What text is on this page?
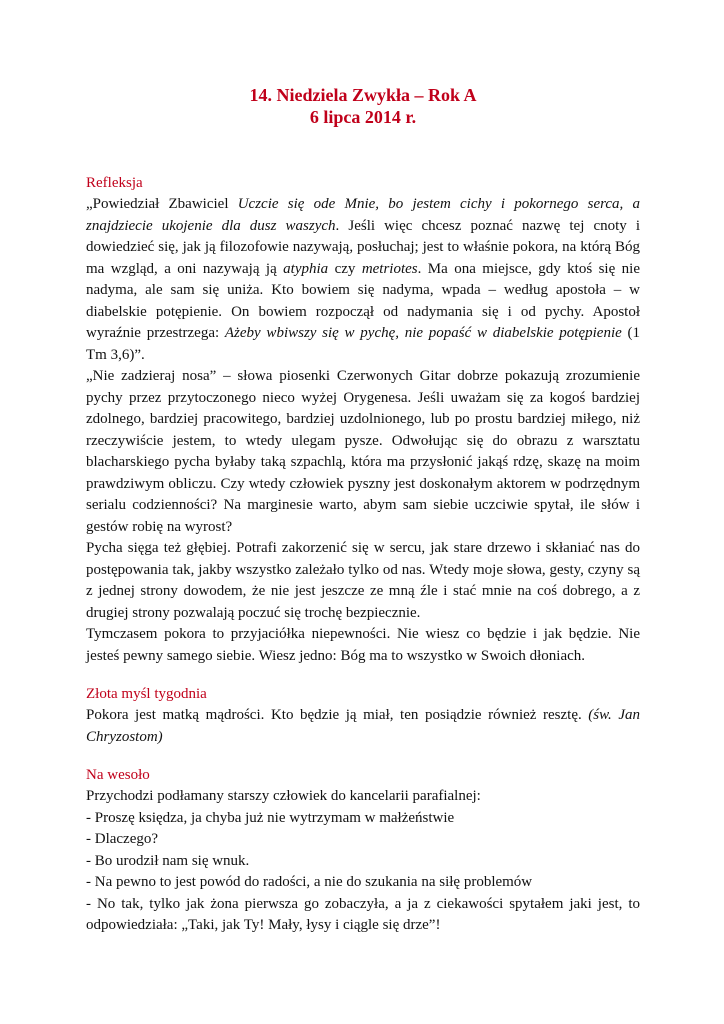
14. Niedziela Zwykła – Rok A
6 lipca 2014 r.
Refleksja

„Powiedział Zbawiciel Uczcie się ode Mnie, bo jestem cichy i pokornego serca, a znajdziecie ukojenie dla dusz waszych. Jeśli więc chcesz poznać nazwę tej cnoty i dowiedzieć się, jak ją filozofowie nazywają, posłuchaj; jest to właśnie pokora, na którą Bóg ma wzgląd, a oni nazywają ją atyphia czy metriotes. Ma ona miejsce, gdy ktoś się nie nadyma, ale sam się uniża. Kto bowiem się nadyma, wpada – według apostoła – w diabelskie potępienie. On bowiem rozpoczął od nadymania się i od pychy. Apostoł wyraźnie przestrzega: Ażeby wbiwszy się w pychę, nie popaść w diabelskie potępienie (1 Tm 3,6)”.

„Nie zadzieraj nosa” – słowa piosenki Czerwonych Gitar dobrze pokazują zrozumienie pychy przez przytoczonego nieco wyżej Orygenesa. Jeśli uważam się za kogoś bardziej zdolnego, bardziej pracowitego, bardziej uzdolnionego, lub po prostu bardziej miłego, niż rzeczywiście jestem, to wtedy ulegam pysze. Odwołując się do obrazu z warsztatu blacharskiego pycha byłaby taką szpachlą, która ma przysłonić jakąś rdzę, skazę na moim prawdziwym obliczu. Czy wtedy człowiek pyszny jest doskonałym aktorem w podrzędnym serialu codzienności? Na marginesie warto, abym sam siebie uczciwie spytał, ile słów i gestów robię na wyrost?

Pycha sięga też głębiej. Potrafi zakorzenić się w sercu, jak stare drzewo i skłaniać nas do postępowania tak, jakby wszystko zależało tylko od nas. Wtedy moje słowa, gesty, czyny są z jednej strony dowodem, że nie jest jeszcze ze mną źle i stać mnie na coś dobrego, a z drugiej strony pozwalają poczuć się trochę bezpiecznie.

Tymczasem pokora to przyjaciółka niepewności. Nie wiesz co będzie i jak będzie. Nie jesteś pewny samego siebie. Wiesz jedno: Bóg ma to wszystko w Swoich dłoniach.

Złota myśl tygodnia

Pokora jest matką mądrości. Kto będzie ją miał, ten posiądzie również resztę. (św. Jan Chryzostom)

Na wesoło

Przychodzi podłamany starszy człowiek do kancelarii parafialnej:

- Proszę księdza, ja chyba już nie wytrzymam w małżeństwie

- Dlaczego?

- Bo urodził nam się wnuk.

- Na pewno to jest powód do radości, a nie do szukania na siłę problemów

- No tak, tylko jak żona pierwsza go zobaczyła, a ja z ciekawości spytałem jaki jest, to odpowiedziała: „Taki, jak Ty! Mały, łysy i ciągle się drze”!
